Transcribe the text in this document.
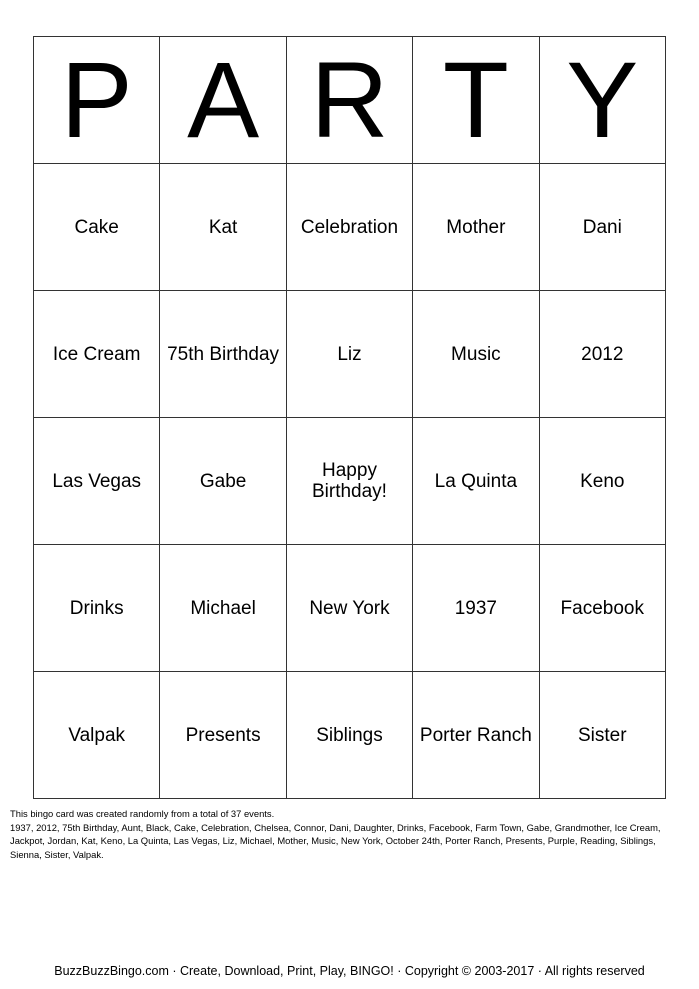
P	A	R	T	Y
Cake	Kat	Celebration	Mother	Dani
Ice Cream	75th Birthday	Liz	Music	2012
Las Vegas	Gabe	Happy Birthday!	La Quinta	Keno
Drinks	Michael	New York	1937	Facebook
Valpak	Presents	Siblings	Porter Ranch	Sister

This bingo card was created randomly from a total of 37 events.

1937, 2012, 75th Birthday, Aunt, Black, Cake, Celebration, Chelsea, Connor, Dani, Daughter, Drinks, Facebook, Farm Town, Gabe, Grandmother, Ice Cream, Jackpot, Jordan, Kat, Keno, La Quinta, Las Vegas, Liz, Michael, Mother, Music, New York, October 24th, Porter Ranch, Presents, Purple, Reading, Siblings, Sienna, Sister, Valpak.

BuzzBuzzBingo.com · Create, Download, Print, Play, BINGO! · Copyright © 2003-2017 · All rights reserved
